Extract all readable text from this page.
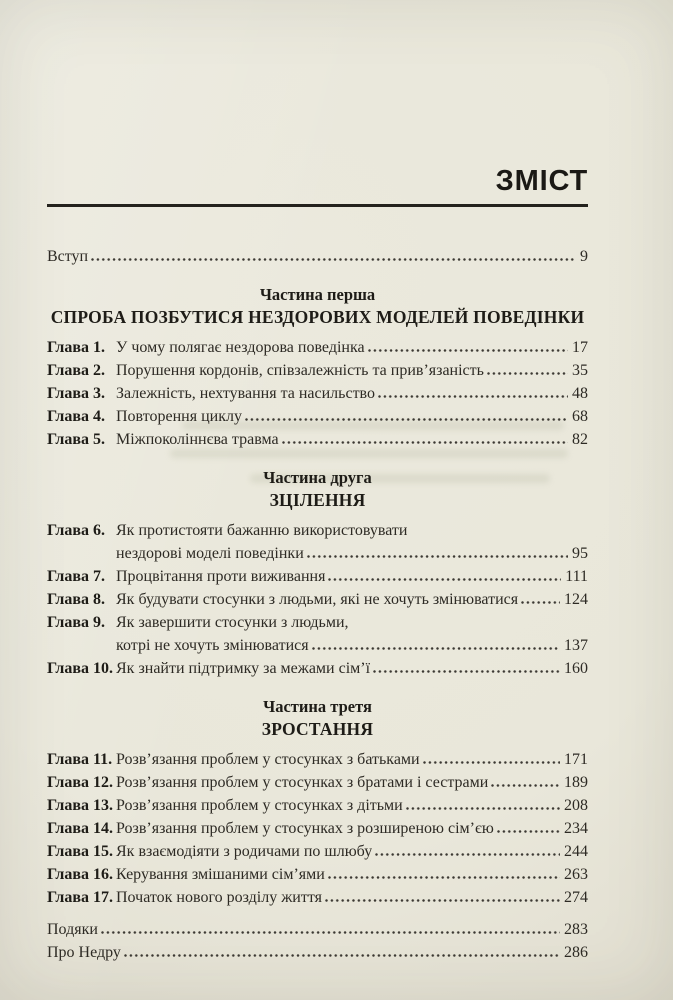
ЗМІСТ
Вступ	9
Частина перша
СПРОБА ПОЗБУТИСЯ НЕЗДОРОВИХ МОДЕЛЕЙ ПОВЕДІНКИ
Глава 1. У чому полягає нездорова поведінка	17
Глава 2. Порушення кордонів, співзалежність та прив’язаність	35
Глава 3. Залежність, нехтування та насильство	48
Глава 4. Повторення циклу	68
Глава 5. Міжпоколіннєва травма	82
Частина друга
ЗЦІЛЕННЯ
Глава 6. Як протистояти бажанню використовувати
нездорові моделі поведінки	95
Глава 7. Процвітання проти виживання	111
Глава 8. Як будувати стосунки з людьми, які не хочуть змінюватися	124
Глава 9. Як завершити стосунки з людьми,
котрі не хочуть змінюватися	137
Глава 10. Як знайти підтримку за межами сім’ї	160
Частина третя
ЗРОСТАННЯ
Глава 11. Розв’язання проблем у стосунках з батьками	171
Глава 12. Розв’язання проблем у стосунках з братами і сестрами	189
Глава 13. Розв’язання проблем у стосунках з дітьми	208
Глава 14. Розв’язання проблем у стосунках з розширеною сім’єю	234
Глава 15. Як взаємодіяти з родичами по шлюбу	244
Глава 16. Керування змішаними сім’ями	263
Глава 17. Початок нового розділу життя	274
Подяки	283
Про Недру	286
